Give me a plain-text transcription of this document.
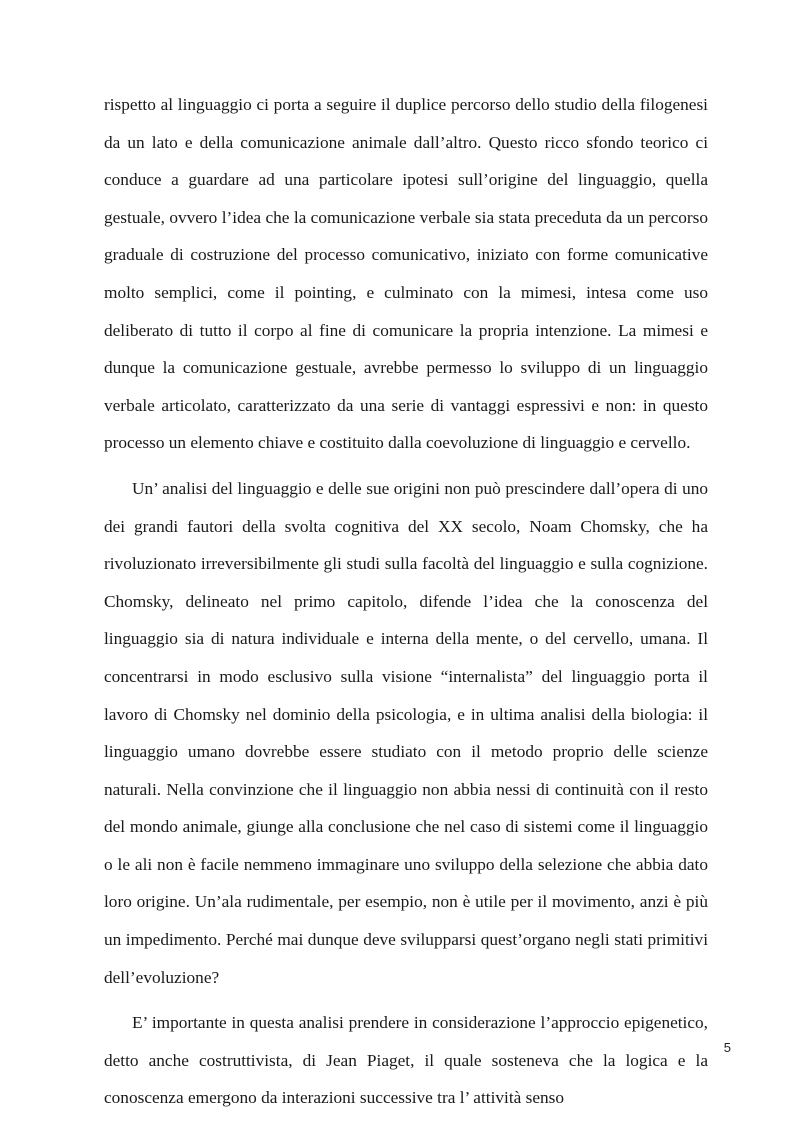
rispetto al linguaggio ci porta a seguire il duplice percorso dello studio della filogenesi da un lato e della comunicazione animale dall’altro. Questo ricco sfondo teorico ci conduce a guardare ad una particolare ipotesi sull’origine del linguaggio, quella gestuale, ovvero l’idea che la comunicazione verbale sia stata preceduta da un percorso graduale di costruzione del processo comunicativo, iniziato con forme comunicative molto semplici, come il pointing, e culminato con la mimesi, intesa come uso deliberato di tutto il corpo al fine di comunicare la propria intenzione. La mimesi e dunque la comunicazione gestuale, avrebbe permesso lo sviluppo di un linguaggio verbale articolato, caratterizzato da una serie di vantaggi espressivi e non: in questo processo un elemento chiave e costituito dalla coevoluzione di linguaggio e cervello.

Un’ analisi del linguaggio e delle sue origini non può prescindere dall’opera di uno dei grandi fautori della svolta cognitiva del XX secolo, Noam Chomsky, che ha rivoluzionato irreversibilmente gli studi sulla facoltà del linguaggio e sulla cognizione. Chomsky, delineato nel primo capitolo, difende l’idea che la conoscenza del linguaggio sia di natura individuale e interna della mente, o del cervello, umana. Il concentrarsi in modo esclusivo sulla visione “internalista” del linguaggio porta il lavoro di Chomsky nel dominio della psicologia, e in ultima analisi della biologia: il linguaggio umano dovrebbe essere studiato con il metodo proprio delle scienze naturali. Nella convinzione che il linguaggio non abbia nessi di continuità con il resto del mondo animale, giunge alla conclusione che nel caso di sistemi come il linguaggio o le ali non è facile nemmeno immaginare uno sviluppo della selezione che abbia dato loro origine. Un’ala rudimentale, per esempio, non è utile per il movimento, anzi è più un impedimento. Perché mai dunque deve svilupparsi quest’organo negli stati primitivi dell’evoluzione?

E’ importante in questa analisi prendere in considerazione l’approccio epigenetico, detto anche costruttivista, di Jean Piaget, il quale sosteneva che la logica e la conoscenza emergono da interazioni successive tra l’ attività senso

5
